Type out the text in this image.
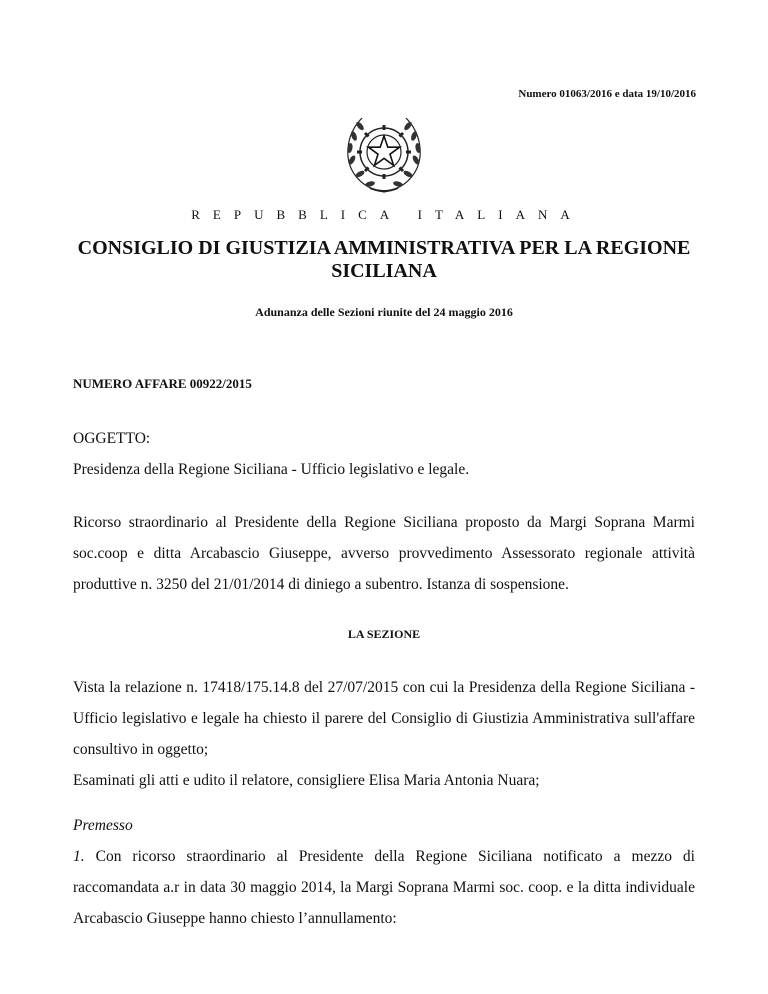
Numero 01063/2016 e data 19/10/2016
REPUBBLICA ITALIANA
CONSIGLIO DI GIUSTIZIA AMMINISTRATIVA PER LA REGIONE SICILIANA
Adunanza delle Sezioni riunite del 24 maggio 2016
NUMERO AFFARE 00922/2015
OGGETTO:
Presidenza della Regione Siciliana - Ufficio legislativo e legale.
Ricorso straordinario al Presidente della Regione Siciliana proposto da Margi Soprana Marmi soc.coop e ditta Arcabascio Giuseppe, avverso provvedimento Assessorato regionale attività produttive n. 3250 del 21/01/2014 di diniego a subentro. Istanza di sospensione.
LA SEZIONE
Vista la relazione n. 17418/175.14.8 del 27/07/2015 con cui la Presidenza della Regione Siciliana - Ufficio legislativo e legale ha chiesto il parere del Consiglio di Giustizia Amministrativa sull'affare consultivo in oggetto;
Esaminati gli atti e udito il relatore, consigliere Elisa Maria Antonia Nuara;
Premesso
1. Con ricorso straordinario al Presidente della Regione Siciliana notificato a mezzo di raccomandata a.r in data 30 maggio 2014, la Margi Soprana Marmi soc. coop. e la ditta individuale Arcabascio Giuseppe hanno chiesto l’annullamento:
